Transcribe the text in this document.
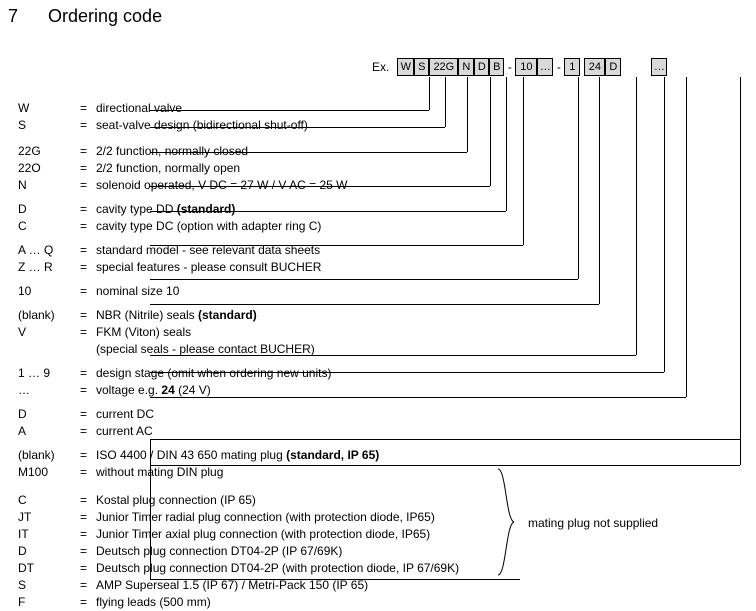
7 Ordering code
Ex. W S 22G N D B - 10 … - 1	24 D	…
mating plug not supplied
W	= directional valve
S	= seat-valve design (bidirectional shut-off)
22G	= 2/2 function, normally closed
22O	= 2/2 function, normally open
N	= solenoid operated, V DC = 27 W / V AC = 25 W
D	= cavity type DD (standard)
C	= cavity type DC (option with adapter ring C)
A … Q	= standard model - see relevant data sheets
Z … R	= special features - please consult BUCHER
10	= nominal size 10
(blank)	= NBR (Nitrile) seals (standard)
V	= FKM (Viton) seals
(special seals - please contact BUCHER)
1 … 9	= design stage (omit when ordering new units)
…	= voltage e.g. 24 (24 V)
D	= current DC
A	= current AC
(blank)	= ISO 4400 / DIN 43 650 mating plug (standard, IP 65)
M100	= without mating DIN plug
C	= Kostal plug connection (IP 65)
JT	= Junior Timer radial plug connection (with protection diode, IP65)
IT	= Junior Timer axial plug connection (with protection diode, IP65)
D	= Deutsch plug connection DT04-2P (IP 67/69K)
DT	= Deutsch plug connection DT04-2P (with protection diode, IP 67/69K)
S	= AMP Superseal 1.5 (IP 67) / Metri-Pack 150 (IP 65)
F	= flying leads (500 mm)
